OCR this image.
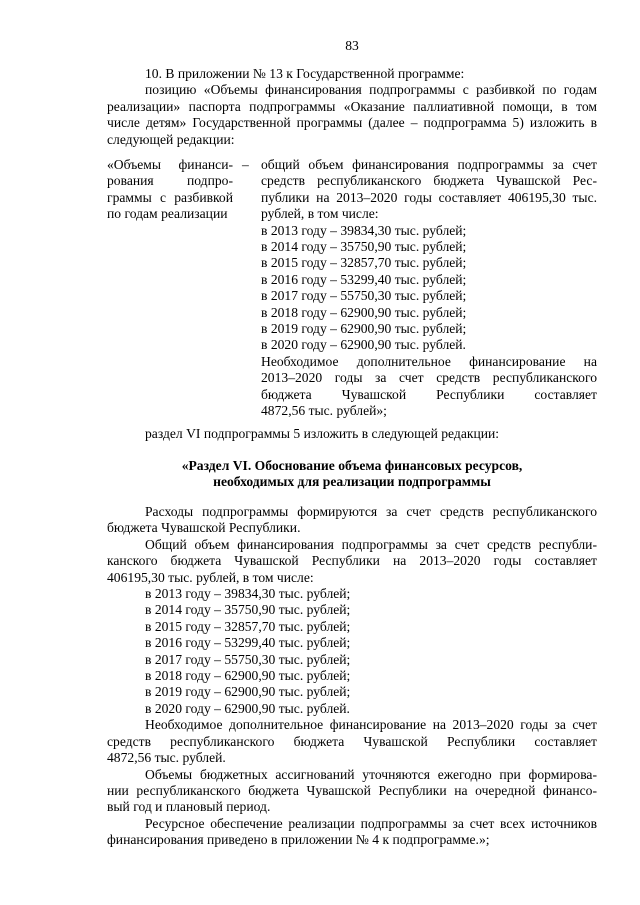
83

10. В приложении № 13 к Государственной программе:

позицию «Объемы финансирования подпрограммы с разбивкой по годам

реализации» паспорта подпрограммы «Оказание паллиативной помощи, в том

числе детям» Государственной программы (далее – подпрограмма 5) изложить в

следующей редакции:

«Объемы финанси-

рования подпро-

граммы с разбивкой

по годам реализации

– общий объем финансирования подпрограммы за счет

средств республиканского бюджета Чувашской Рес-

публики на 2013–2020 годы составляет 406195,30 тыс.

рублей, в том числе:

в 2013 году – 39834,30 тыс. рублей;

в 2014 году – 35750,90 тыс. рублей;

в 2015 году – 32857,70 тыс. рублей;

в 2016 году – 53299,40 тыс. рублей;

в 2017 году – 55750,30 тыс. рублей;

в 2018 году – 62900,90 тыс. рублей;

в 2019 году – 62900,90 тыс. рублей;

в 2020 году – 62900,90 тыс. рублей.

Необходимое дополнительное финансирование на

2013–2020 годы за счет средств республиканского

бюджета Чувашской Республики составляет

4872,56 тыс. рублей»;

раздел VI подпрограммы 5 изложить в следующей редакции:

«Раздел VI. Обоснование объема финансовых ресурсов,

необходимых для реализации подпрограммы

Расходы подпрограммы формируются за счет средств республиканского

бюджета Чувашской Республики.

Общий объем финансирования подпрограммы за счет средств республи-

канского бюджета Чувашской Республики на 2013–2020 годы составляет

406195,30 тыс. рублей, в том числе:

в 2013 году – 39834,30 тыс. рублей;

в 2014 году – 35750,90 тыс. рублей;

в 2015 году – 32857,70 тыс. рублей;

в 2016 году – 53299,40 тыс. рублей;

в 2017 году – 55750,30 тыс. рублей;

в 2018 году – 62900,90 тыс. рублей;

в 2019 году – 62900,90 тыс. рублей;

в 2020 году – 62900,90 тыс. рублей.

Необходимое дополнительное финансирование на 2013–2020 годы за счет

средств республиканского бюджета Чувашской Республики составляет

4872,56 тыс. рублей.

Объемы бюджетных ассигнований уточняются ежегодно при формирова-

нии республиканского бюджета Чувашской Республики на очередной финансо-

вый год и плановый период.

Ресурсное обеспечение реализации подпрограммы за счет всех источников

финансирования приведено в приложении № 4 к подпрограмме.»;
